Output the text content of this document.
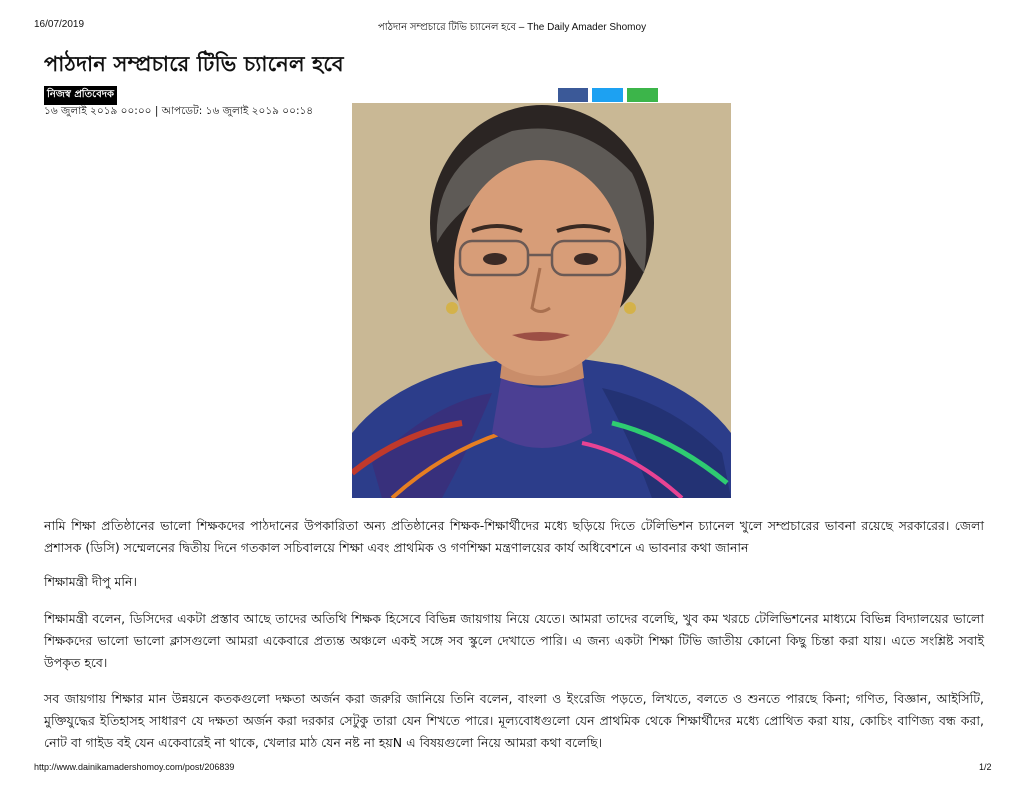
16/07/2019	পাঠদান সম্প্রচারে টিভি চ্যানেল হবে – The Daily Amader Shomoy
পাঠদান সম্প্রচারে টিভি চ্যানেল হবে
নিজস্ব প্রতিবেদক
১৬ জুলাই ২০১৯ ০০:০০ | আপডেট: ১৬ জুলাই ২০১৯ ০০:১৪
নামি শিক্ষা প্রতিষ্ঠানের ভালো শিক্ষকদের পাঠদানের উপকারিতা অন্য প্রতিষ্ঠানের শিক্ষক-শিক্ষার্থীদের মধ্যে ছড়িয়ে দিতে টেলিভিশন চ্যানেল খুলে সম্প্রচারের ভাবনা রয়েছে সরকারের। জেলা প্রশাসক (ডিসি) সম্মেলনের দ্বিতীয় দিনে গতকাল সচিবালয়ে শিক্ষা এবং প্রাথমিক ও গণশিক্ষা মন্ত্রণালয়ের কার্য অধিবেশনে এ ভাবনার কথা জানান
শিক্ষামন্ত্রী দীপু মনি।
শিক্ষামন্ত্রী বলেন, ডিসিদের একটা প্রস্তাব আছে তাদের অতিথি শিক্ষক হিসেবে বিভিন্ন জায়গায় নিয়ে যেতে। আমরা তাদের বলেছি, খুব কম খরচে টেলিভিশনের মাধ্যমে বিভিন্ন বিদ্যালয়ের ভালো শিক্ষকদের ভালো ভালো ক্লাসগুলো আমরা একেবারে প্রত্যন্ত অঞ্চলে একই সঙ্গে সব স্কুলে দেখাতে পারি। এ জন্য একটা শিক্ষা টিভি জাতীয় কোনো কিছু চিন্তা করা যায়। এতে সংশ্লিষ্ট সবাই উপকৃত হবে।
সব জায়গায় শিক্ষার মান উন্নয়নে কতকগুলো দক্ষতা অর্জন করা জরুরি জানিয়ে তিনি বলেন, বাংলা ও ইংরেজি পড়তে, লিখতে, বলতে ও শুনতে পারছে কিনা; গণিত, বিজ্ঞান, আইসিটি, মুক্তিযুদ্ধের ইতিহাসহ সাধারণ যে দক্ষতা অর্জন করা দরকার সেটুকু তারা যেন শিখতে পারে। মূল্যবোধগুলো যেন প্রাথমিক থেকে শিক্ষার্থীদের মধ্যে প্রোথিত করা যায়, কোচিং বাণিজ্য বন্ধ করা, নোট বা গাইড বই যেন একেবারেই না থাকে, খেলার মাঠ যেন নষ্ট না হয়N এ বিষয়গুলো নিয়ে আমরা কথা বলেছি।
http://www.dainikamadershomoy.com/post/206839	1/2
